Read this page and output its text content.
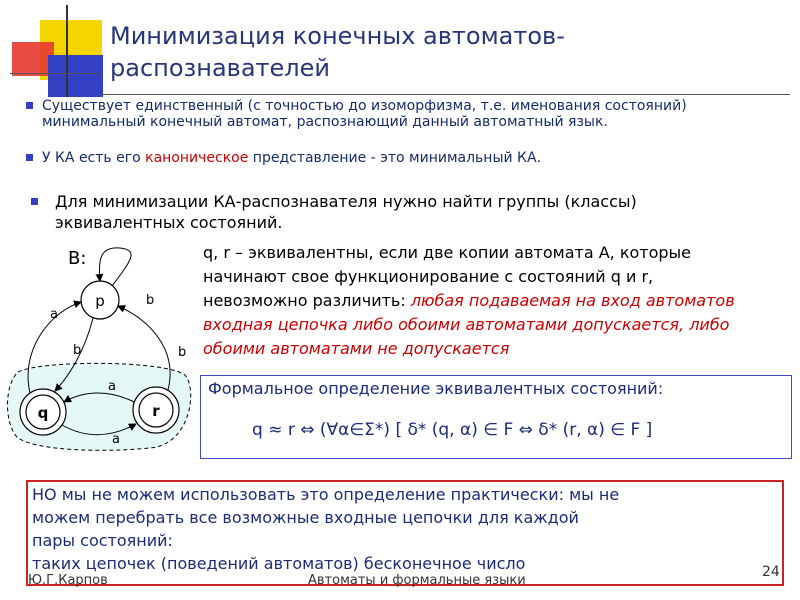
Минимизация конечных автоматов-
распознавателей
Существует единственный (с точностью до изоморфизма, т.е. именования состояний) минимальный конечный автомат, распознающий данный автоматный язык.
У КА есть его каноническое представление - это минимальный КА.
Для минимизации КА-распознавателя нужно найти группы (классы) эквивалентных состояний.
B:
p
q	r
b
a
b	b
a
a
q, r – эквивалентны, если две копии автомата А, которые начинают свое функционирование с состояний q и r, невозможно различить: любая подаваемая на вход автоматов входная цепочка либо обоими автоматами допускается, либо обоими автоматами не допускается
Формальное определение эквивалентных состояний:
q ≈ r ⇔ (∀α∈Σ*) [ δ* (q, α) ∈ F ⇔ δ* (r, α) ∈ F ]
НО мы не можем использовать это определение практически: мы не
можем перебрать все возможные входные цепочки для каждой
пары состояний:
таких цепочек (поведений автоматов) бесконечное число
Ю.Г.Карпов	Автоматы и формальные языки
24
